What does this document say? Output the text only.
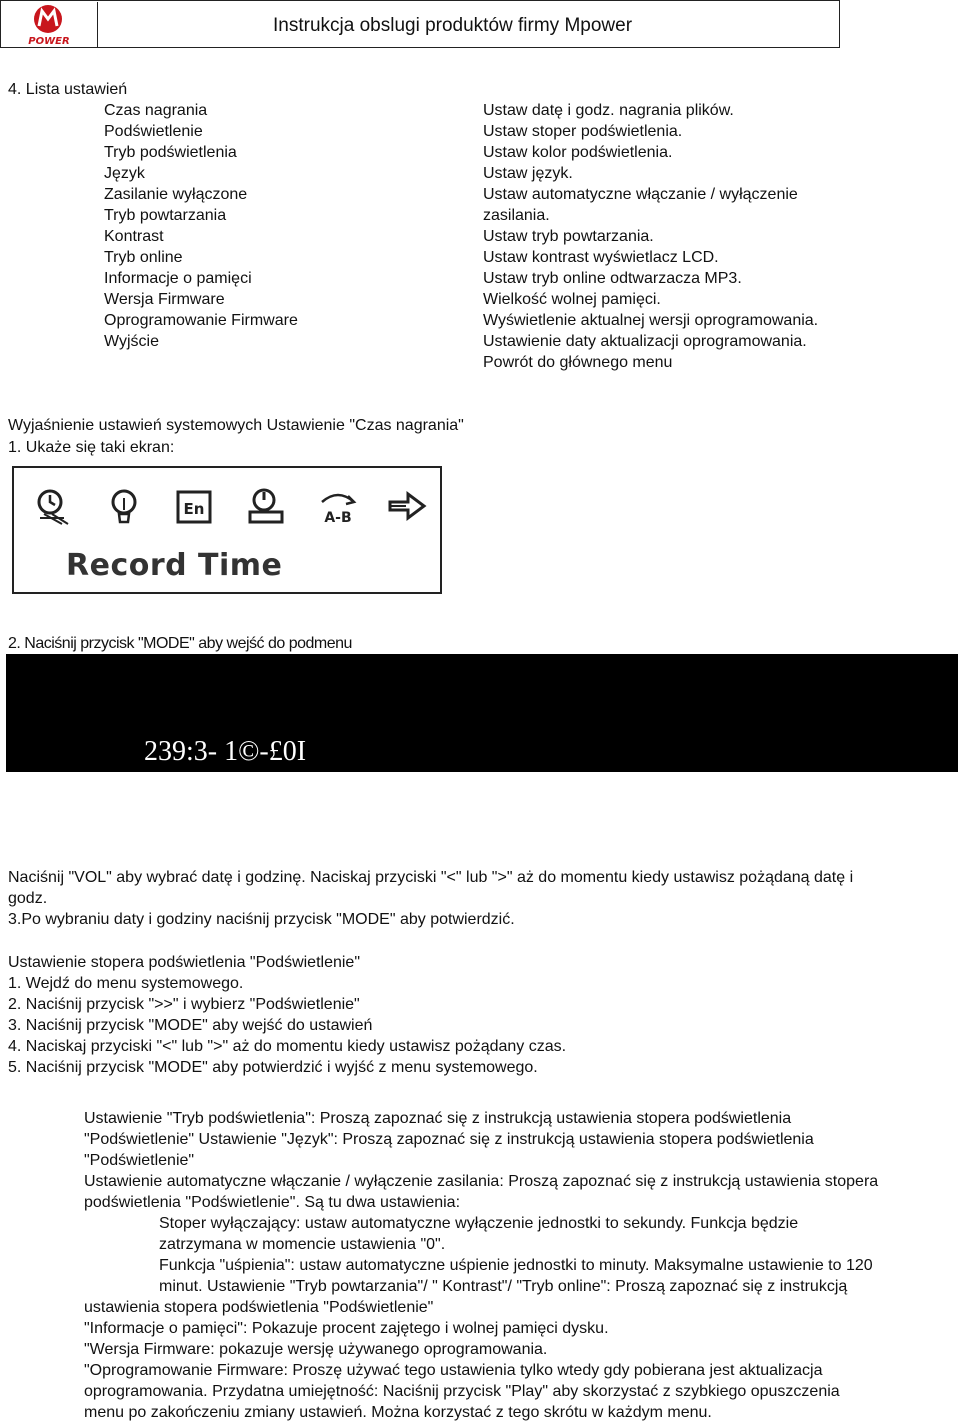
POWER
Instrukcja obslugi produktów firmy Mpower
4. Lista ustawień
Czas nagrania
Podświetlenie
Tryb podświetlenia
Język
Zasilanie wyłączone
Tryb powtarzania
Kontrast
Tryb online
Informacje o pamięci
Wersja Firmware
Oprogramowanie Firmware
Wyjście
Ustaw datę i godz. nagrania plików.
Ustaw stoper podświetlenia.
Ustaw kolor podświetlenia.
Ustaw język.
Ustaw automatyczne włączanie / wyłączenie
zasilania.
Ustaw tryb powtarzania.
Ustaw kontrast wyświetlacz LCD.
Ustaw tryb online odtwarzacza MP3.
Wielkość wolnej pamięci.
Wyświetlenie aktualnej wersji oprogramowania.
Ustawienie daty aktualizacji oprogramowania.
Powrót do głównego menu
Wyjaśnienie ustawień systemowych Ustawienie "Czas nagrania"
1. Ukaże się taki ekran:
En	A-B
Record Time
2. Naciśnij przycisk "MODE" aby wejść do podmenu
239:3- 1©-£0I
Naciśnij "VOL" aby wybrać datę i godzinę. Naciskaj przyciski "<" lub ">" aż do momentu kiedy ustawisz pożądaną datę i
godz.
3.Po wybraniu daty i godziny naciśnij przycisk "MODE" aby potwierdzić.
Ustawienie stopera podświetlenia "Podświetlenie"
1. Wejdź do menu systemowego.
2. Naciśnij przycisk ">>" i wybierz "Podświetlenie"
3. Naciśnij przycisk "MODE" aby wejść do ustawień
4. Naciskaj przyciski "<" lub ">" aż do momentu kiedy ustawisz pożądany czas.
5. Naciśnij przycisk "MODE" aby potwierdzić i wyjść z menu systemowego.
Ustawienie "Tryb podświetlenia": Proszą zapoznać się z instrukcją ustawienia stopera podświetlenia
"Podświetlenie" Ustawienie "Język": Proszą zapoznać się z instrukcją ustawienia stopera podświetlenia
"Podświetlenie"
Ustawienie automatyczne włączanie / wyłączenie zasilania: Proszą zapoznać się z instrukcją ustawienia stopera
podświetlenia "Podświetlenie". Są tu dwa ustawienia:
Stoper wyłączający: ustaw automatyczne wyłączenie jednostki to sekundy. Funkcja będzie
zatrzymana w momencie ustawienia "0".
Funkcja "uśpienia": ustaw automatyczne uśpienie jednostki to minuty. Maksymalne ustawienie to 120
minut. Ustawienie "Tryb powtarzania"/ " Kontrast"/ "Tryb online": Proszą zapoznać się z instrukcją
ustawienia stopera podświetlenia "Podświetlenie"
"Informacje o pamięci": Pokazuje procent zajętego i wolnej pamięci dysku.
"Wersja Firmware: pokazuje wersję używanego oprogramowania.
"Oprogramowanie Firmware: Proszę używać tego ustawienia tylko wtedy gdy pobierana jest aktualizacja
oprogramowania. Przydatna umiejętność: Naciśnij przycisk "Play" aby skorzystać z szybkiego opuszczenia
menu po zakończeniu zmiany ustawień. Można korzystać z tego skrótu w każdym menu.
